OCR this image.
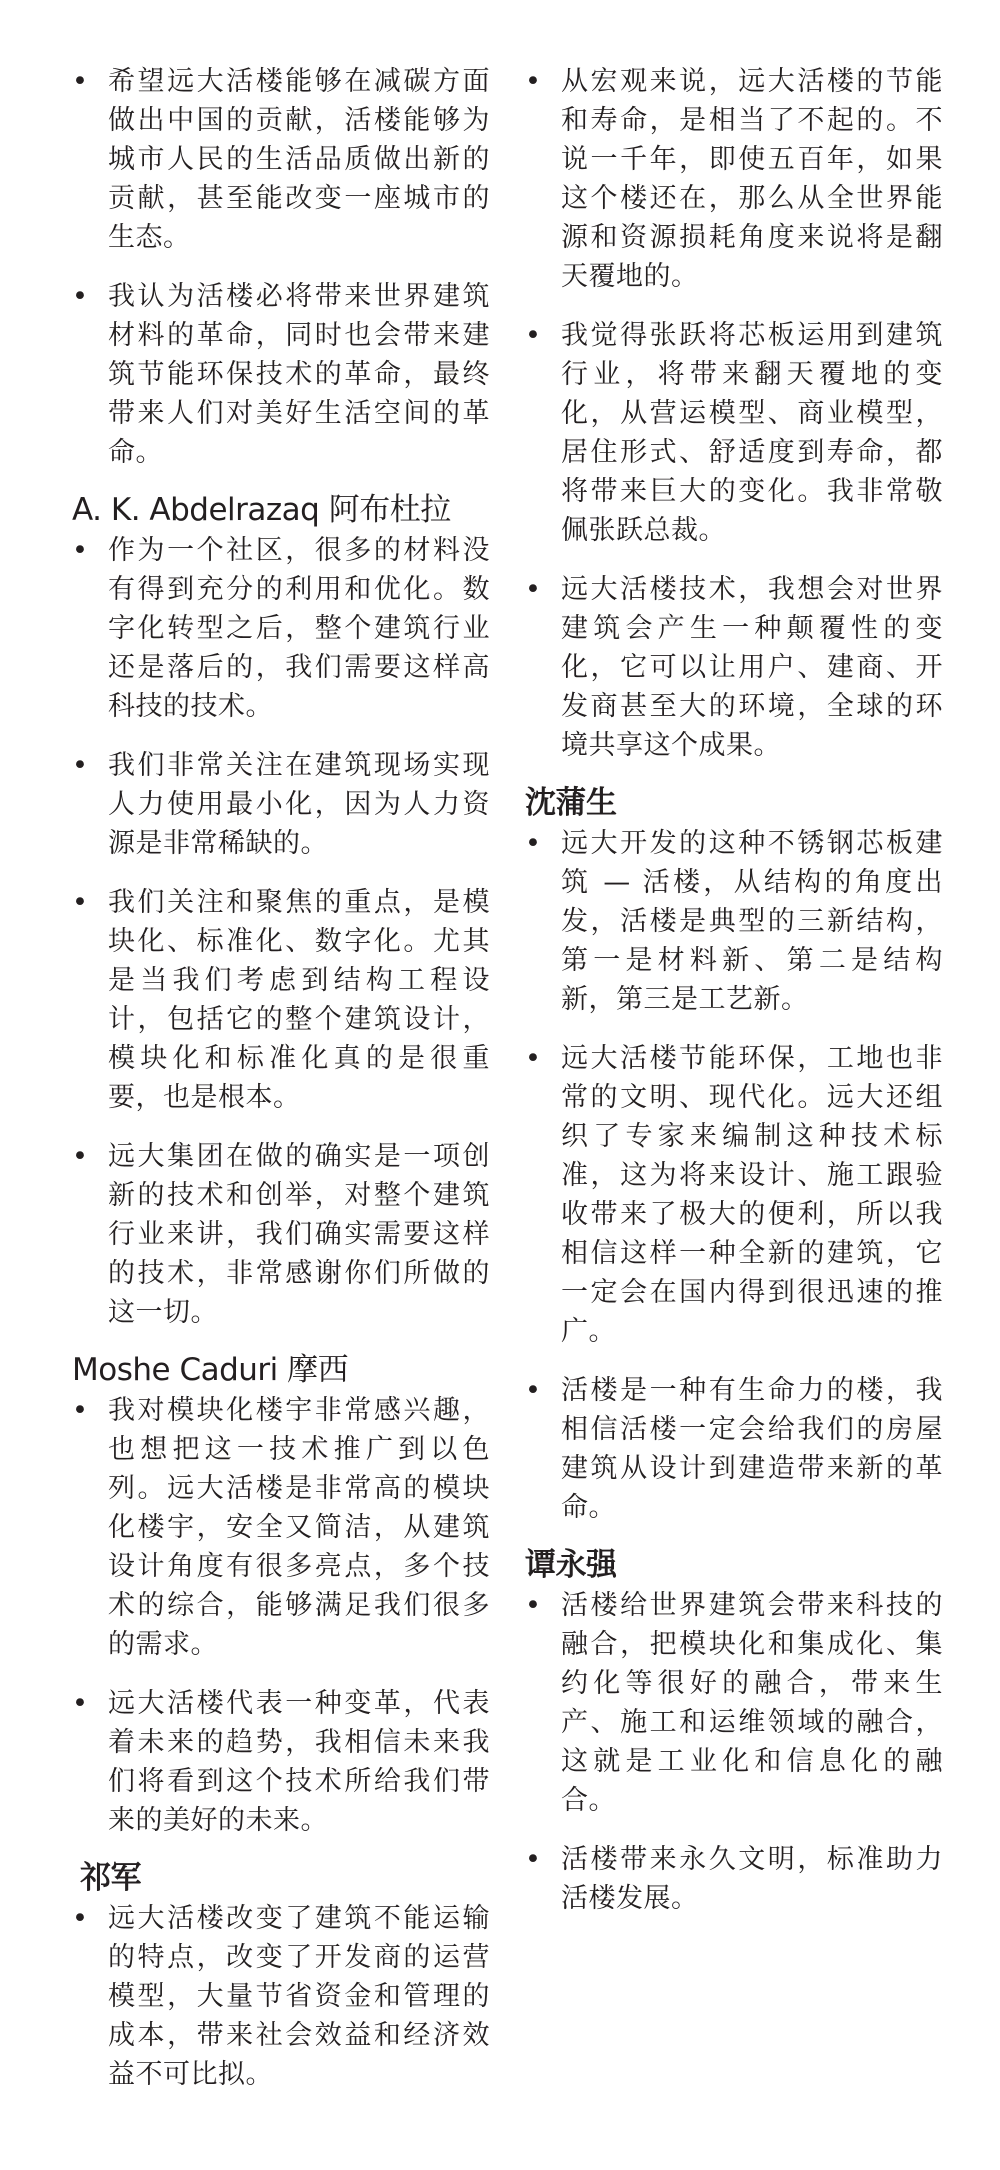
• 希望远大活楼能够在减碳方面做出中国的贡献，活楼能够为城市人民的生活品质做出新的贡献，甚至能改变一座城市的生态。
• 我认为活楼必将带来世界建筑材料的革命，同时也会带来建筑节能环保技术的革命，最终带来人们对美好生活空间的革命。
A. K. Abdelrazaq 阿布杜拉
• 作为一个社区，很多的材料没有得到充分的利用和优化。数字化转型之后，整个建筑行业还是落后的，我们需要这样高科技的技术。
• 我们非常关注在建筑现场实现人力使用最小化，因为人力资源是非常稀缺的。
• 我们关注和聚焦的重点，是模块化、标准化、数字化。尤其是当我们考虑到结构工程设计，包括它的整个建筑设计，模块化和标准化真的是很重要，也是根本。
• 远大集团在做的确实是一项创新的技术和创举，对整个建筑行业来讲，我们确实需要这样的技术，非常感谢你们所做的这一切。
Moshe Caduri 摩西
• 我对模块化楼宇非常感兴趣，也想把这一技术推广到以色列。远大活楼是非常高的模块化楼宇，安全又简洁，从建筑设计角度有很多亮点，多个技术的综合，能够满足我们很多的需求。
• 远大活楼代表一种变革，代表着未来的趋势，我相信未来我们将看到这个技术所给我们带来的美好的未来。
祁军
• 远大活楼改变了建筑不能运输的特点，改变了开发商的运营模型，大量节省资金和管理的成本，带来社会效益和经济效益不可比拟。
• 从宏观来说，远大活楼的节能和寿命，是相当了不起的。不说一千年，即使五百年，如果这个楼还在，那么从全世界能源和资源损耗角度来说将是翻天覆地的。
• 我觉得张跃将芯板运用到建筑行业，将带来翻天覆地的变化，从营运模型、商业模型，居住形式、舒适度到寿命，都将带来巨大的变化。我非常敬佩张跃总裁。
• 远大活楼技术，我想会对世界建筑会产生一种颠覆性的变化，它可以让用户、建商、开发商甚至大的环境，全球的环境共享这个成果。
沈蒲生
• 远大开发的这种不锈钢芯板建筑 — 活楼，从结构的角度出发，活楼是典型的三新结构，第一是材料新、第二是结构新，第三是工艺新。
• 远大活楼节能环保，工地也非常的文明、现代化。远大还组织了专家来编制这种技术标准，这为将来设计、施工跟验收带来了极大的便利，所以我相信这样一种全新的建筑，它一定会在国内得到很迅速的推广。
• 活楼是一种有生命力的楼，我相信活楼一定会给我们的房屋建筑从设计到建造带来新的革命。
谭永强
• 活楼给世界建筑会带来科技的融合，把模块化和集成化、集约化等很好的融合，带来生产、施工和运维领域的融合，这就是工业化和信息化的融合。
• 活楼带来永久文明，标准助力活楼发展。
